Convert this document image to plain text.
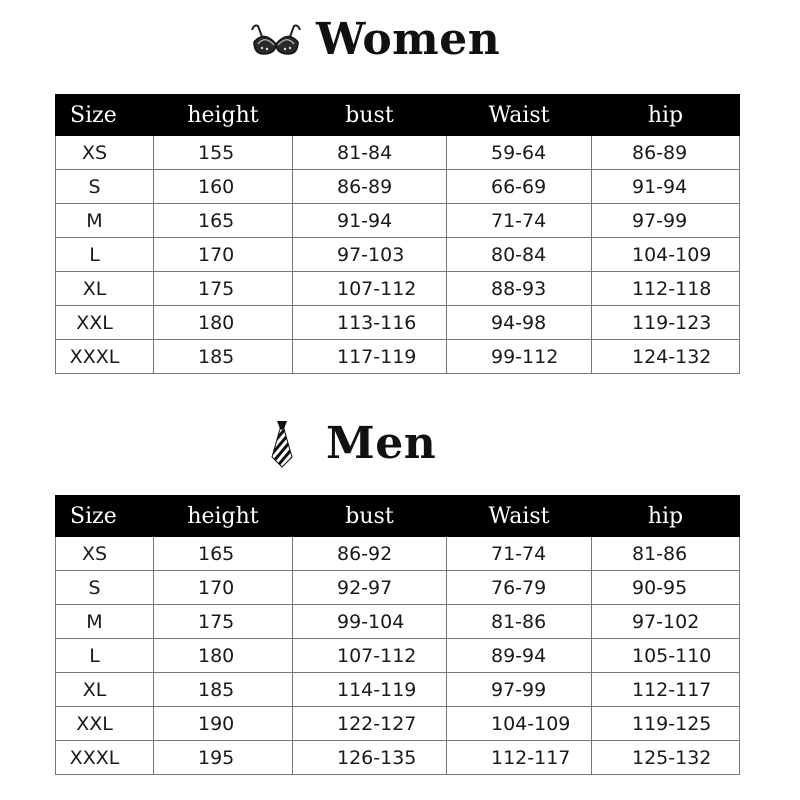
Women
Size	height	bust	Waist	hip
XS	155	81-84	59-64	86-89
S	160	86-89	66-69	91-94
M	165	91-94	71-74	97-99
L	170	97-103	80-84	104-109
XL	175	107-112	88-93	112-118
XXL	180	113-116	94-98	119-123
XXXL	185	117-119	99-112	124-132
Men
Size	height	bust	Waist	hip
XS	165	86-92	71-74	81-86
S	170	92-97	76-79	90-95
M	175	99-104	81-86	97-102
L	180	107-112	89-94	105-110
XL	185	114-119	97-99	112-117
XXL	190	122-127	104-109	119-125
XXXL	195	126-135	112-117	125-132
